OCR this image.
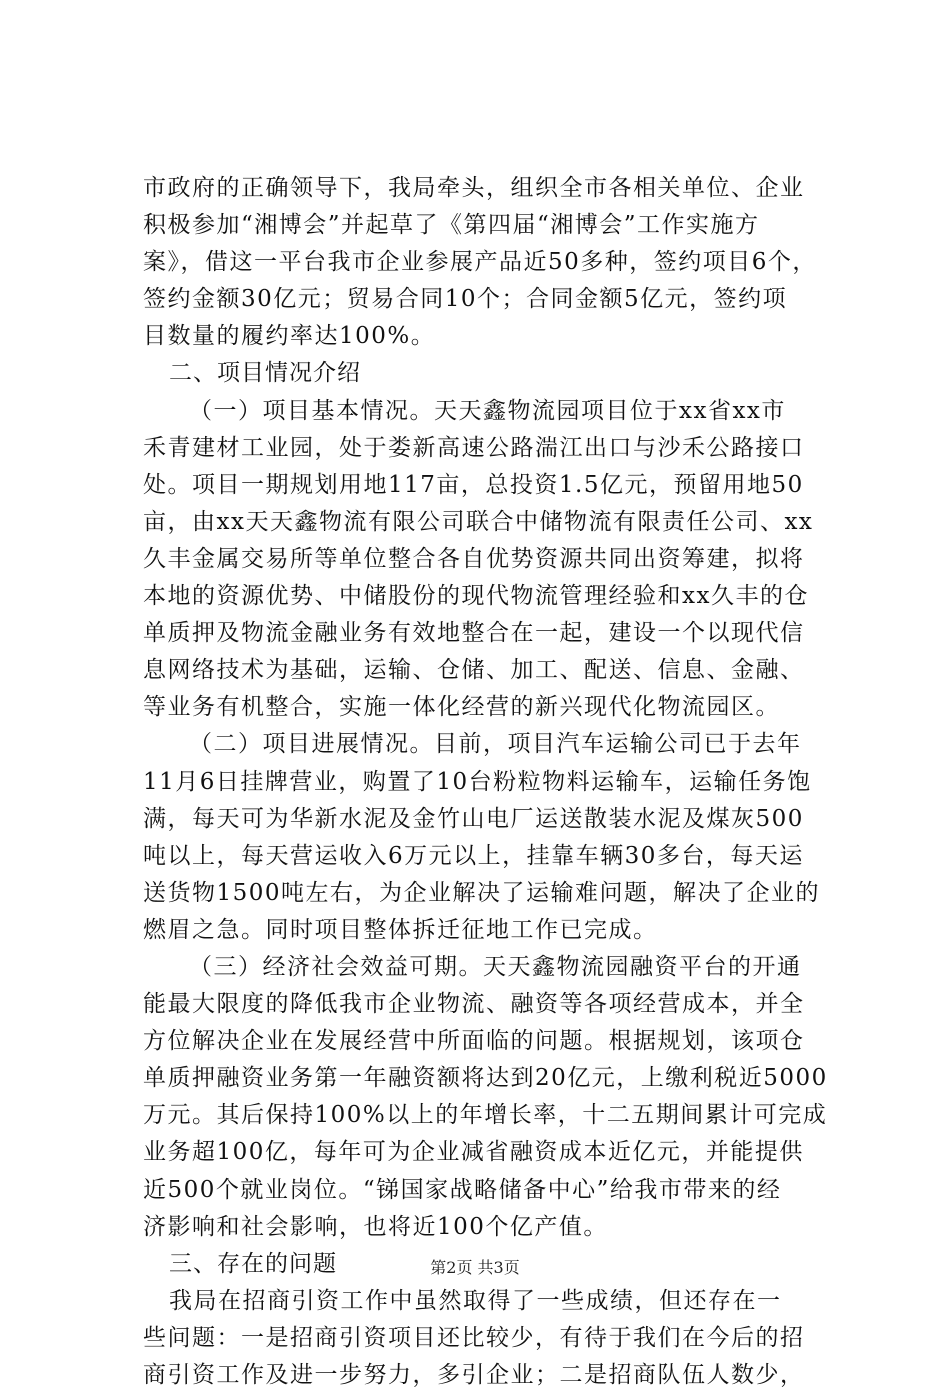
市政府的正确领导下，我局牵头，组织全市各相关单位、企业
积极参加“湘博会”并起草了《第四届“湘博会”工作实施方
案》，借这一平台我市企业参展产品近50多种，签约项目6个，
签约金额30亿元；贸易合同10个；合同金额5亿元，签约项
目数量的履约率达100%。
二、项目情况介绍
（一）项目基本情况。天天鑫物流园项目位于xx省xx市
禾青建材工业园，处于娄新高速公路湍江出口与沙禾公路接口
处。项目一期规划用地117亩，总投资1.5亿元，预留用地50
亩，由xx天天鑫物流有限公司联合中储物流有限责任公司、xx
久丰金属交易所等单位整合各自优势资源共同出资筹建，拟将
本地的资源优势、中储股份的现代物流管理经验和xx久丰的仓
单质押及物流金融业务有效地整合在一起，建设一个以现代信
息网络技术为基础，运输、仓储、加工、配送、信息、金融、
等业务有机整合，实施一体化经营的新兴现代化物流园区。
（二）项目进展情况。目前，项目汽车运输公司已于去年
11月6日挂牌营业，购置了10台粉粒物料运输车，运输任务饱
满，每天可为华新水泥及金竹山电厂运送散装水泥及煤灰500
吨以上，每天营运收入6万元以上，挂靠车辆30多台，每天运
送货物1500吨左右，为企业解决了运输难问题，解决了企业的
燃眉之急。同时项目整体拆迁征地工作已完成。
（三）经济社会效益可期。天天鑫物流园融资平台的开通
能最大限度的降低我市企业物流、融资等各项经营成本，并全
方位解决企业在发展经营中所面临的问题。根据规划，该项仓
单质押融资业务第一年融资额将达到20亿元，上缴利税近5000
万元。其后保持100%以上的年增长率，十二五期间累计可完成
业务超100亿，每年可为企业减省融资成本近亿元，并能提供
近500个就业岗位。“锑国家战略储备中心”给我市带来的经
济影响和社会影响，也将近100个亿产值。
三、存在的问题
我局在招商引资工作中虽然取得了一些成绩，但还存在一
些问题：一是招商引资项目还比较少，有待于我们在今后的招
商引资工作及进一步努力，多引企业；二是招商队伍人数少，
第2页 共3页
